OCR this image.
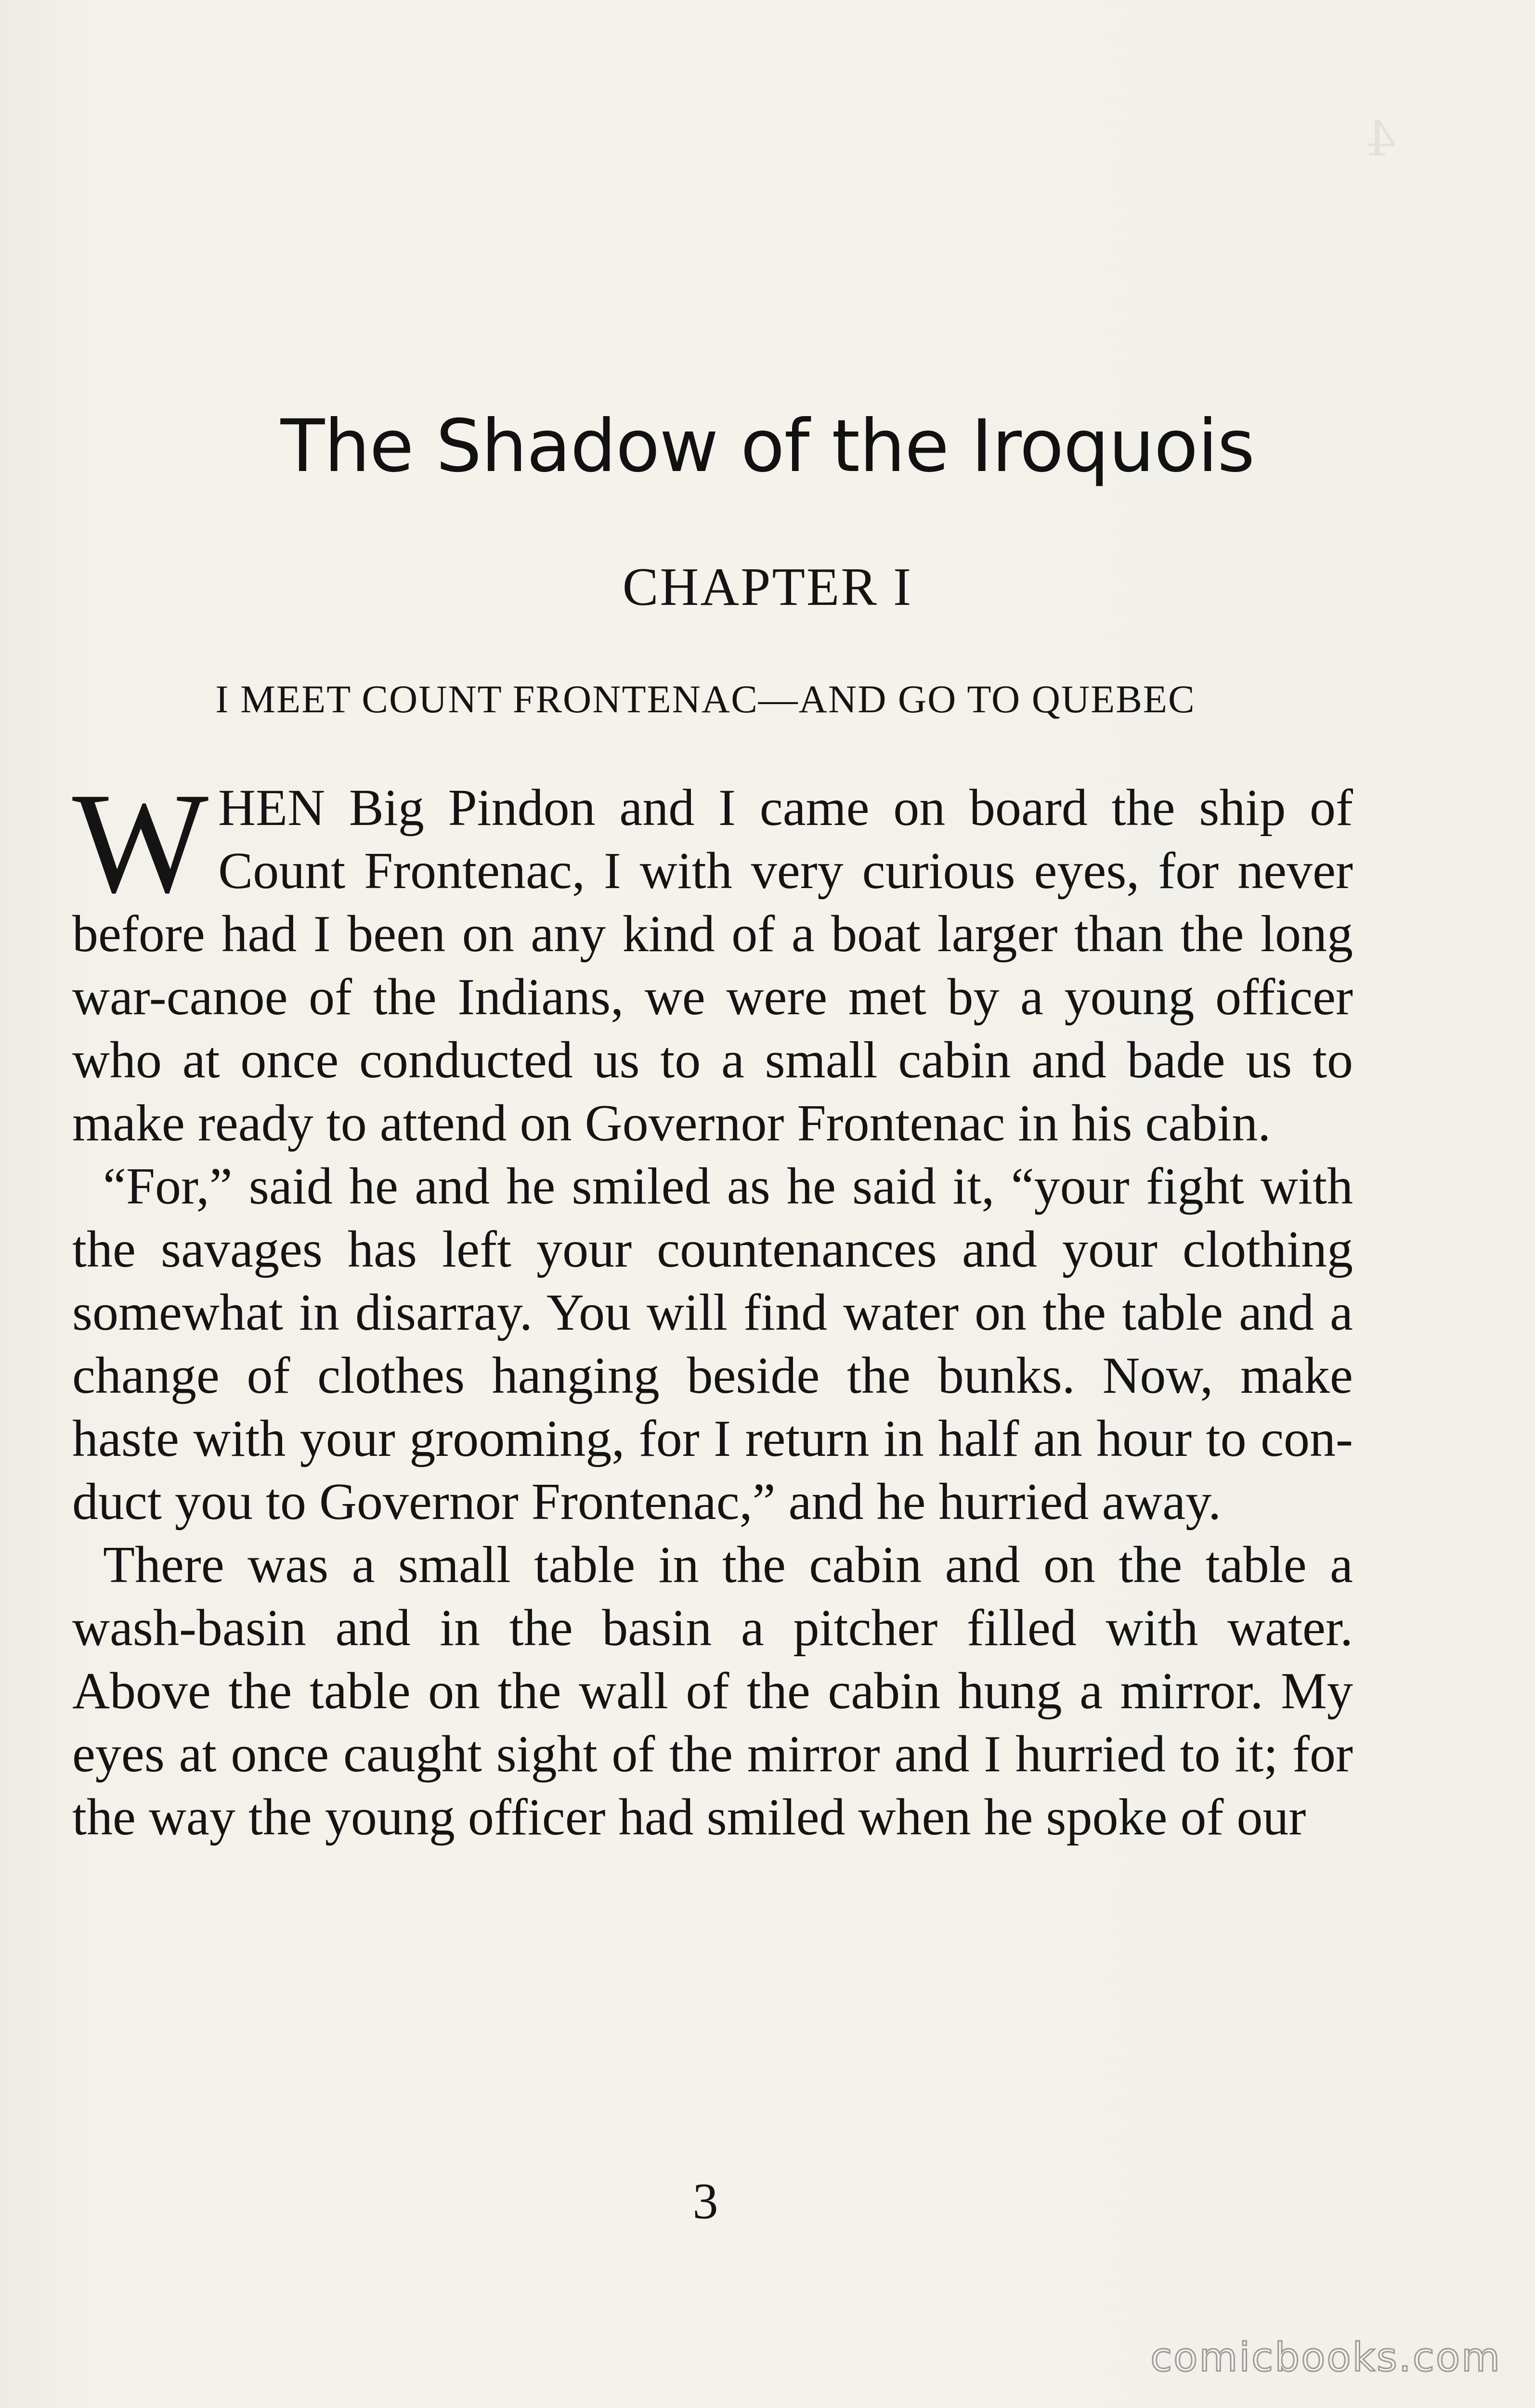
4
The Shadow of the Iroquois
CHAPTER I
I MEET COUNT FRONTENAC—AND GO TO QUEBEC

WHEN Big Pindon and I came on board the ship of Count Frontenac, I with very curious eyes, for never before had I been on any kind of a boat larger than the long war-canoe of the Indians, we were met by a young officer who at once conducted us to a small cabin and bade us to make ready to attend on Governor Frontenac in his cabin.

“For,” said he and he smiled as he said it, “your fight with the savages has left your countenances and your clothing somewhat in disarray. You will find water on the table and a change of clothes hanging beside the bunks. Now, make haste with your grooming, for I return in half an hour to conduct you to Governor Frontenac,” and he hurried away.

There was a small table in the cabin and on the table a wash-basin and in the basin a pitcher filled with water. Above the table on the wall of the cabin hung a mirror. My eyes at once caught sight of the mirror and I hurried to it; for the way the young officer had smiled when he spoke of our

3
comicbooks.com
